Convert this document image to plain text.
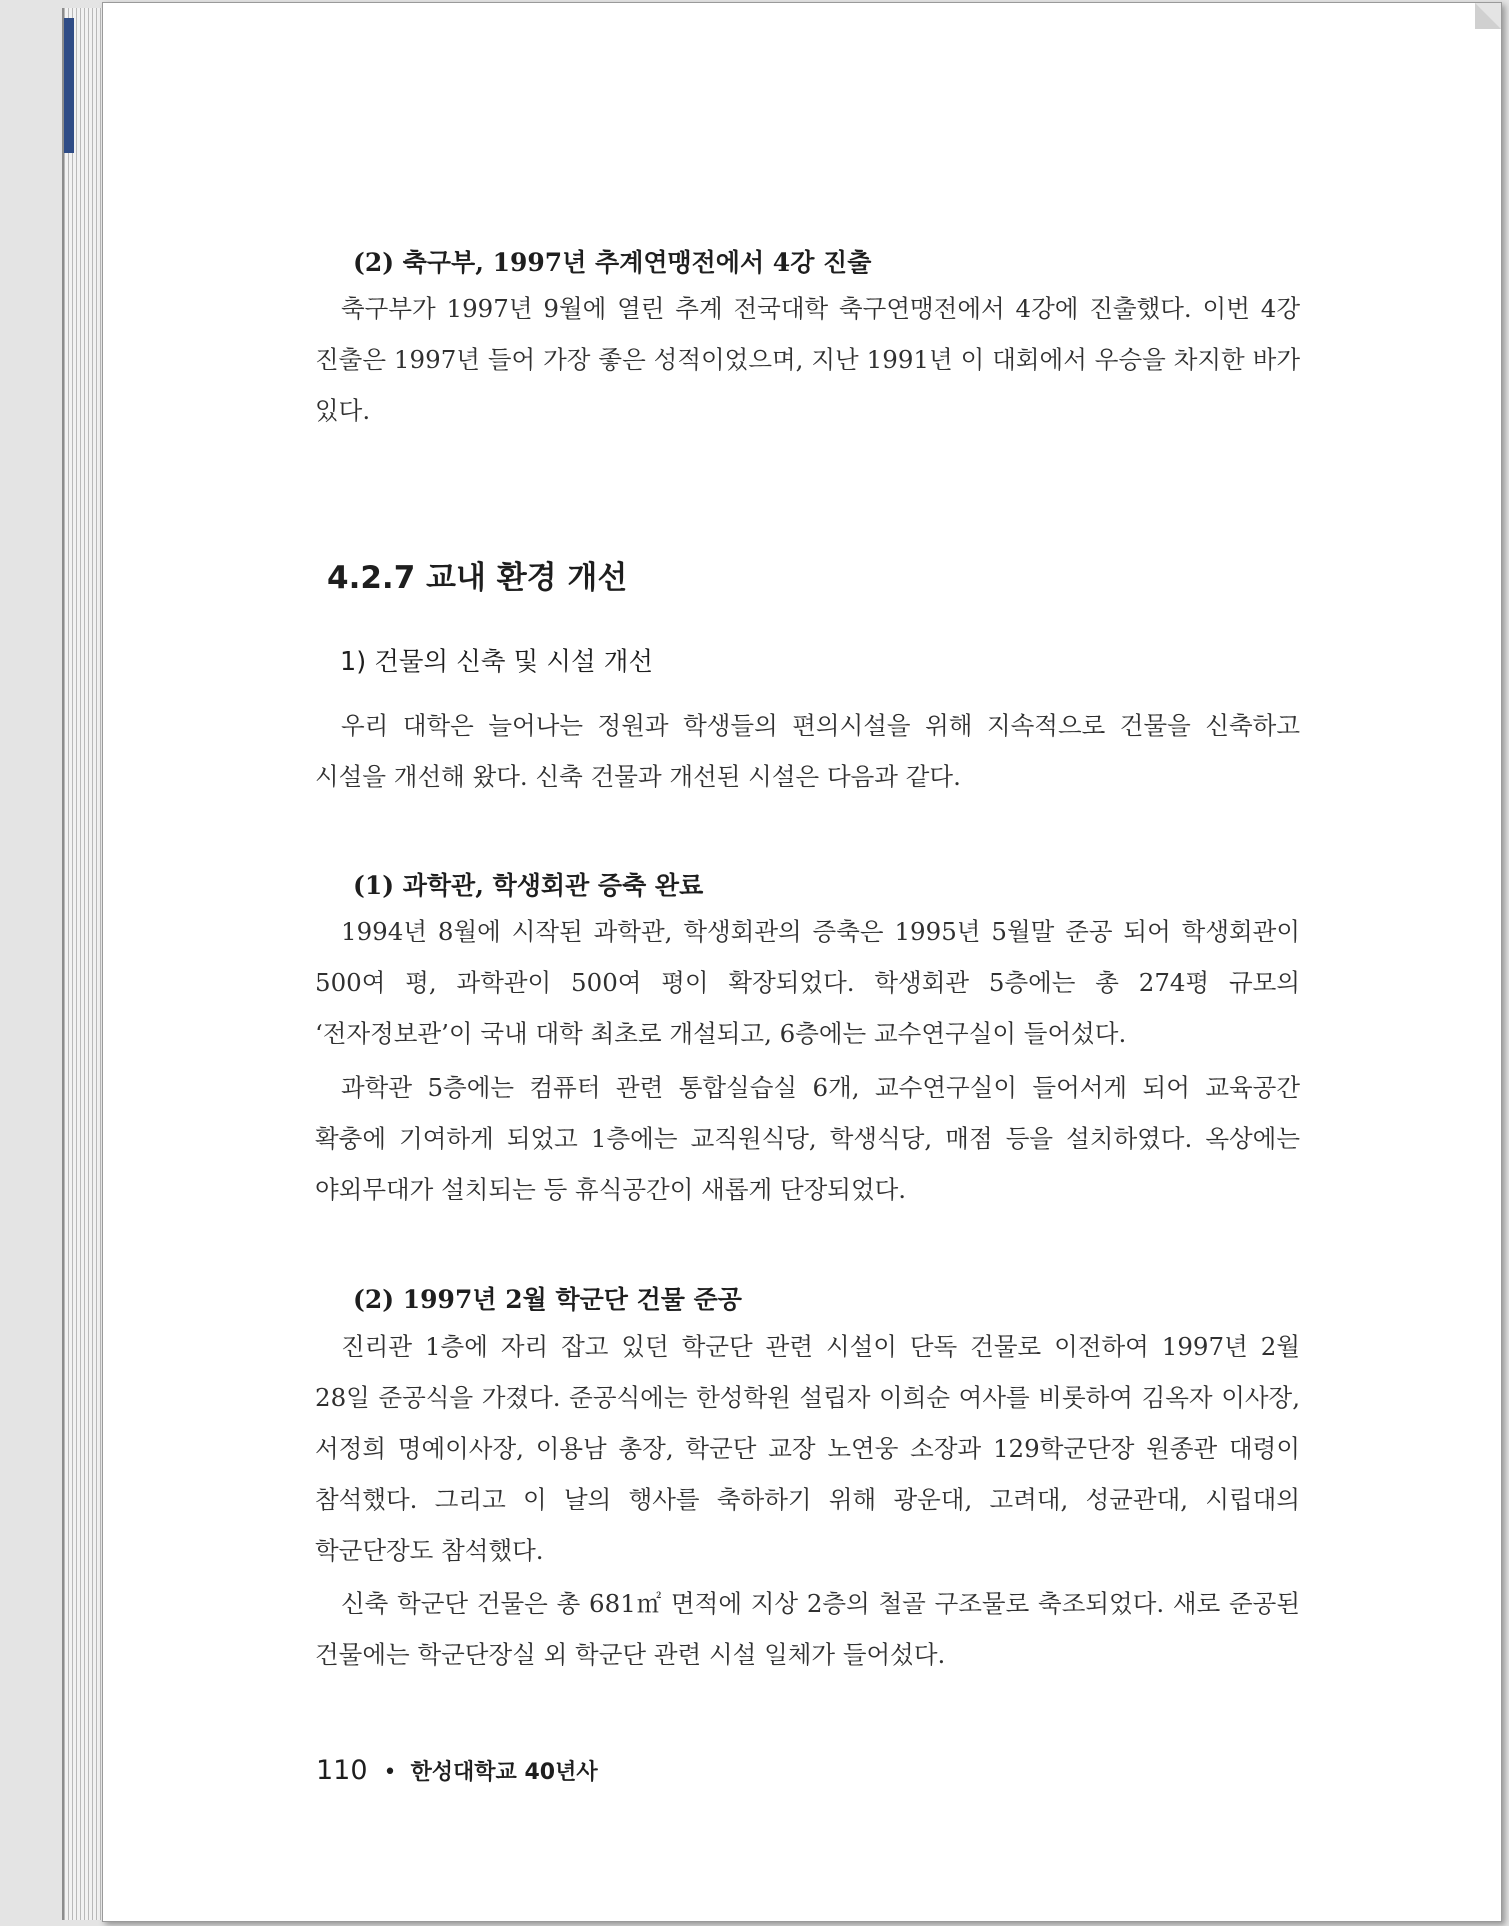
(2) 축구부, 1997년 추계연맹전에서 4강 진출
축구부가 1997년 9월에 열린 추계 전국대학 축구연맹전에서 4강에 진출했다. 이번 4강 진출은 1997년 들어 가장 좋은 성적이었으며, 지난 1991년 이 대회에서 우승을 차지한 바가 있다.
4.2.7 교내 환경 개선
1) 건물의 신축 및 시설 개선
우리 대학은 늘어나는 정원과 학생들의 편의시설을 위해 지속적으로 건물을 신축하고 시설을 개선해 왔다. 신축 건물과 개선된 시설은 다음과 같다.
(1) 과학관, 학생회관 증축 완료
1994년 8월에 시작된 과학관, 학생회관의 증축은 1995년 5월말 준공 되어 학생회관이 500여 평, 과학관이 500여 평이 확장되었다. 학생회관 5층에는 총 274평 규모의 ‘전자정보관’이 국내 대학 최초로 개설되고, 6층에는 교수연구실이 들어섰다.
과학관 5층에는 컴퓨터 관련 통합실습실 6개, 교수연구실이 들어서게 되어 교육공간 확충에 기여하게 되었고 1층에는 교직원식당, 학생식당, 매점 등을 설치하였다. 옥상에는 야외무대가 설치되는 등 휴식공간이 새롭게 단장되었다.
(2) 1997년 2월 학군단 건물 준공
진리관 1층에 자리 잡고 있던 학군단 관련 시설이 단독 건물로 이전하여 1997년 2월 28일 준공식을 가졌다. 준공식에는 한성학원 설립자 이희순 여사를 비롯하여 김옥자 이사장, 서정희 명예이사장, 이용남 총장, 학군단 교장 노연웅 소장과 129학군단장 원종관 대령이 참석했다. 그리고 이 날의 행사를 축하하기 위해 광운대, 고려대, 성균관대, 시립대의 학군단장도 참석했다.
신축 학군단 건물은 총 681㎡ 면적에 지상 2층의 철골 구조물로 축조되었다. 새로 준공된 건물에는 학군단장실 외 학군단 관련 시설 일체가 들어섰다.
110 • 한성대학교 40년사
